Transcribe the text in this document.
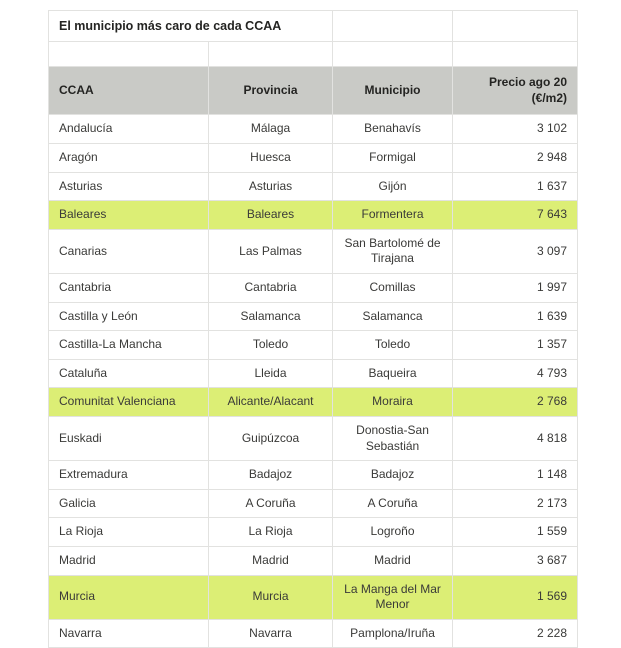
El municipio más caro de cada CCAA			

CCAA	Provincia	Municipio	Precio ago 20 (€/m2)
Andalucía	Málaga	Benahavís	3 102
Aragón	Huesca	Formigal	2 948
Asturias	Asturias	Gijón	1 637
Baleares	Baleares	Formentera	7 643
Canarias	Las Palmas	San Bartolomé de Tirajana	3 097
Cantabria	Cantabria	Comillas	1 997
Castilla y León	Salamanca	Salamanca	1 639
Castilla-La Mancha	Toledo	Toledo	1 357
Cataluña	Lleida	Baqueira	4 793
Comunitat Valenciana	Alicante/Alacant	Moraira	2 768
Euskadi	Guipúzcoa	Donostia-San Sebastián	4 818
Extremadura	Badajoz	Badajoz	1 148
Galicia	A Coruña	A Coruña	2 173
La Rioja	La Rioja	Logroño	1 559
Madrid	Madrid	Madrid	3 687
Murcia	Murcia	La Manga del Mar Menor	1 569
Navarra	Navarra	Pamplona/Iruña	2 228
